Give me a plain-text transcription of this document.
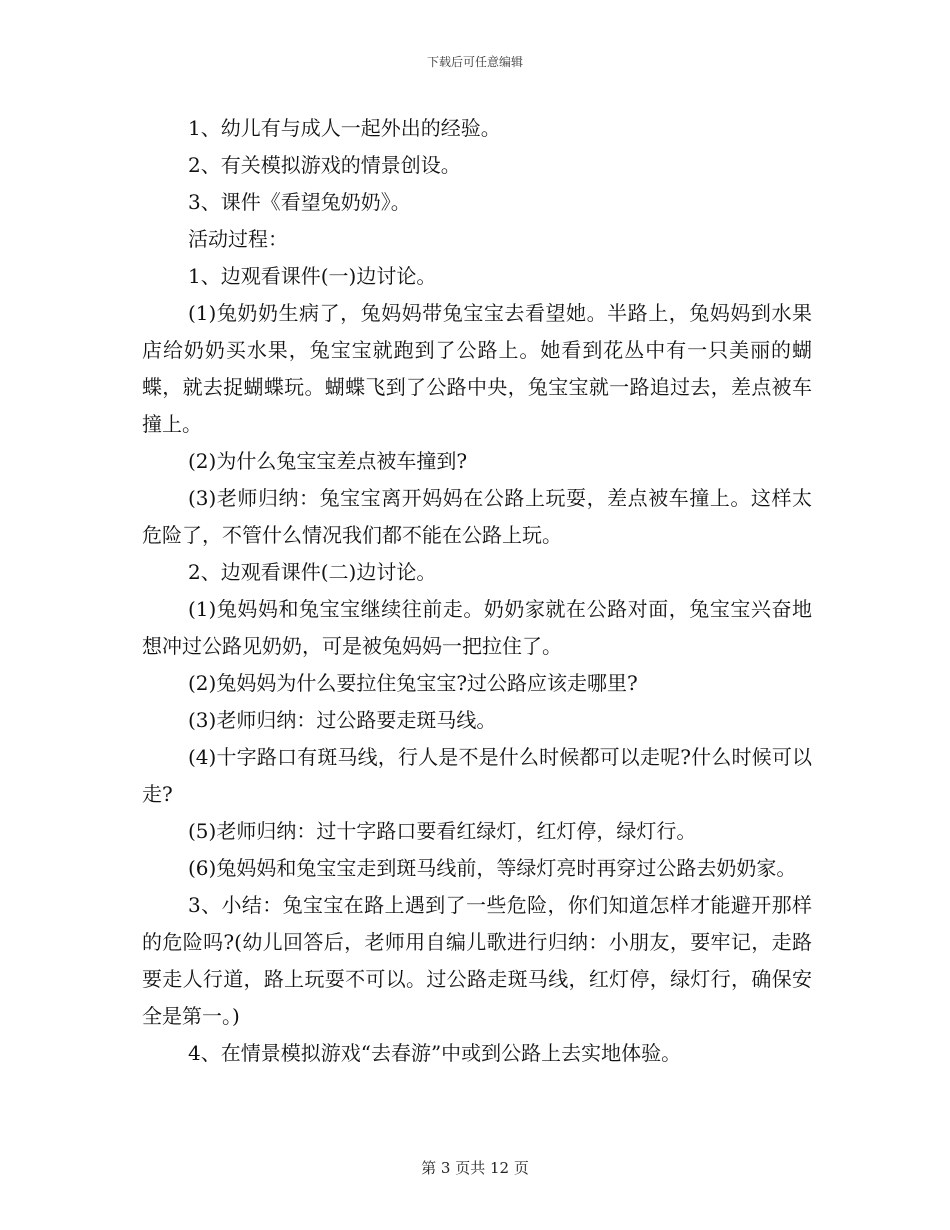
下载后可任意编辑

1、幼儿有与成人一起外出的经验。

2、有关模拟游戏的情景创设。

3、课件《看望兔奶奶》。

活动过程：

1、边观看课件(一)边讨论。

(1)兔奶奶生病了，兔妈妈带兔宝宝去看望她。半路上，兔妈妈到水果店给奶奶买水果，兔宝宝就跑到了公路上。她看到花丛中有一只美丽的蝴蝶，就去捉蝴蝶玩。蝴蝶飞到了公路中央，兔宝宝就一路追过去，差点被车撞上。

(2)为什么兔宝宝差点被车撞到?

(3)老师归纳：兔宝宝离开妈妈在公路上玩耍，差点被车撞上。这样太危险了，不管什么情况我们都不能在公路上玩。

2、边观看课件(二)边讨论。

(1)兔妈妈和兔宝宝继续往前走。奶奶家就在公路对面，兔宝宝兴奋地想冲过公路见奶奶，可是被兔妈妈一把拉住了。

(2)兔妈妈为什么要拉住兔宝宝?过公路应该走哪里?

(3)老师归纳：过公路要走斑马线。

(4)十字路口有斑马线，行人是不是什么时候都可以走呢?什么时候可以走?

(5)老师归纳：过十字路口要看红绿灯，红灯停，绿灯行。

(6)兔妈妈和兔宝宝走到斑马线前，等绿灯亮时再穿过公路去奶奶家。

3、小结：兔宝宝在路上遇到了一些危险，你们知道怎样才能避开那样的危险吗?(幼儿回答后，老师用自编儿歌进行归纳：小朋友，要牢记，走路要走人行道，路上玩耍不可以。过公路走斑马线，红灯停，绿灯行，确保安全是第一。)

4、在情景模拟游戏“去春游”中或到公路上去实地体验。

第 3 页共 12 页
